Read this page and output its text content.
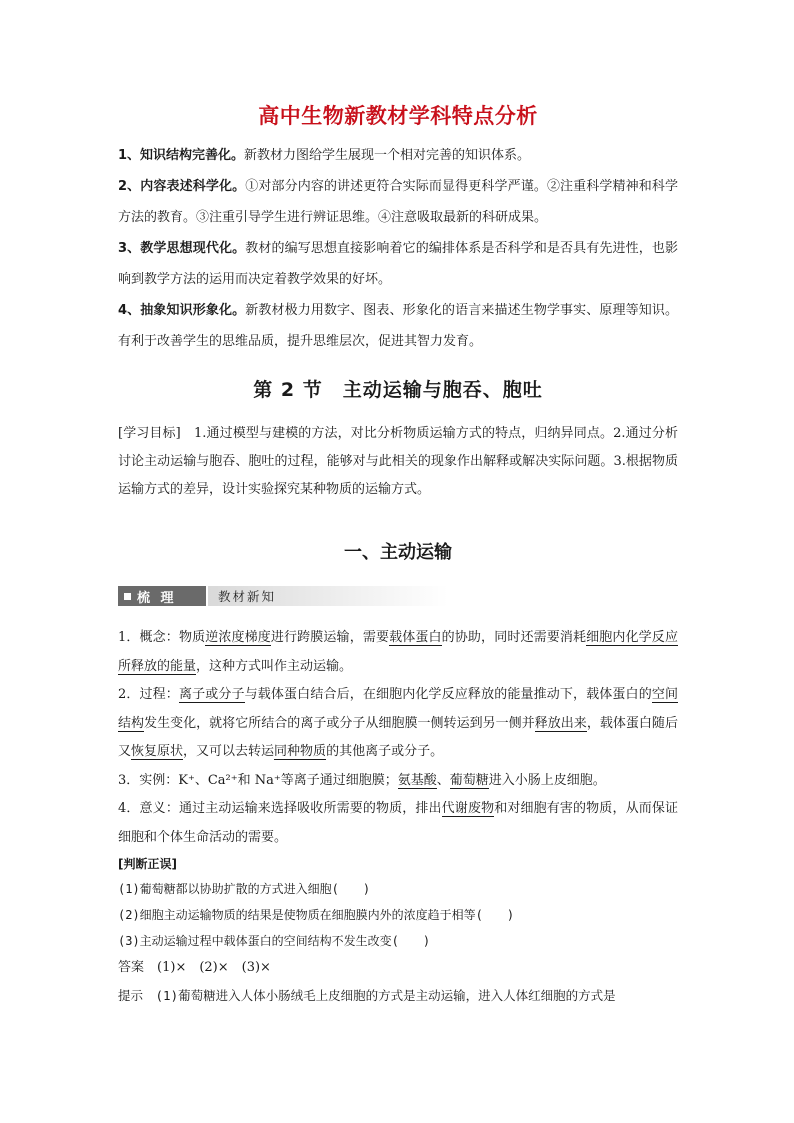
高中生物新教材学科特点分析

1、知识结构完善化。新教材力图给学生展现一个相对完善的知识体系。

2、内容表述科学化。①对部分内容的讲述更符合实际而显得更科学严谨。②注重科学精神和科学方法的教育。③注重引导学生进行辨证思维。④注意吸取最新的科研成果。

3、教学思想现代化。教材的编写思想直接影响着它的编排体系是否科学和是否具有先进性，也影响到教学方法的运用而决定着教学效果的好坏。

4、抽象知识形象化。新教材极力用数字、图表、形象化的语言来描述生物学事实、原理等知识。有利于改善学生的思维品质，提升思维层次，促进其智力发育。

第 2 节　主动运输与胞吞、胞吐

[学习目标]　1.通过模型与建模的方法，对比分析物质运输方式的特点，归纳异同点。2.通过分析讨论主动运输与胞吞、胞吐的过程，能够对与此相关的现象作出解释或解决实际问题。3.根据物质运输方式的差异，设计实验探究某种物质的运输方式。

一、主动运输
梳 理	教材新知

1．概念：物质逆浓度梯度进行跨膜运输，需要载体蛋白的协助，同时还需要消耗细胞内化学反应所释放的能量，这种方式叫作主动运输。

2．过程：离子或分子与载体蛋白结合后，在细胞内化学反应释放的能量推动下，载体蛋白的空间结构发生变化，就将它所结合的离子或分子从细胞膜一侧转运到另一侧并释放出来，载体蛋白随后又恢复原状，又可以去转运同种物质的其他离子或分子。

3．实例：K⁺、Ca²⁺和 Na⁺等离子通过细胞膜；氨基酸、葡萄糖进入小肠上皮细胞。

4．意义：通过主动运输来选择吸收所需要的物质，排出代谢废物和对细胞有害的物质，从而保证细胞和个体生命活动的需要。

[判断正误]
(1)葡萄糖都以协助扩散的方式进入细胞(　　)
(2)细胞主动运输物质的结果是使物质在细胞膜内外的浓度趋于相等(　　)
(3)主动运输过程中载体蛋白的空间结构不发生改变(　　)

答案　 (1)×　(2)×　(3)×

提示　 (1)葡萄糖进入人体小肠绒毛上皮细胞的方式是主动运输，进入人体红细胞的方式是
